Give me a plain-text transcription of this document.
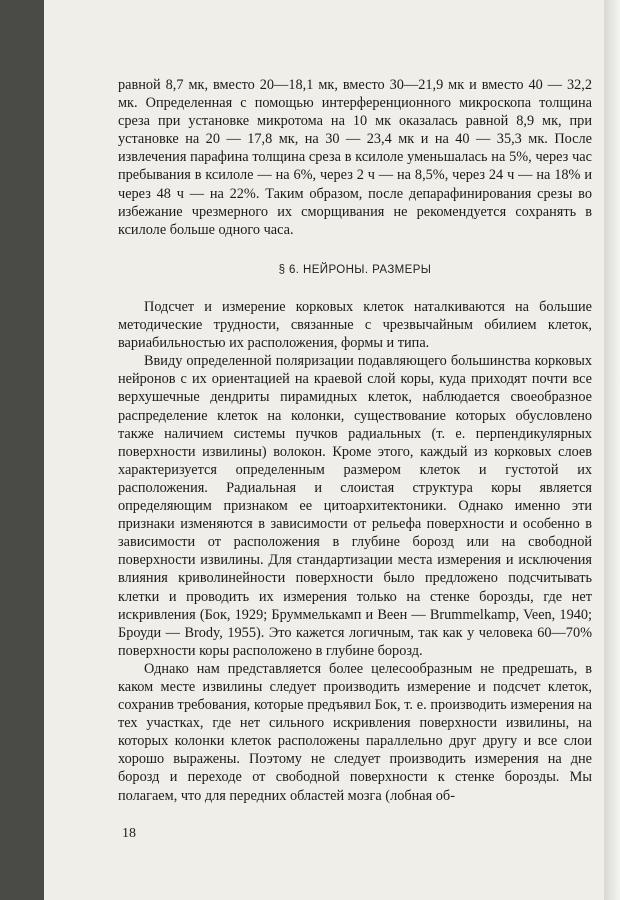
равной 8,7 мк, вместо 20—18,1 мк, вместо 30—21,9 мк и вместо 40 — 32,2 мк. Определенная с помощью интерференционного микроскопа толщина среза при установке микротома на 10 мк оказалась равной 8,9 мк, при установке на 20 — 17,8 мк, на 30 — 23,4 мк и на 40 — 35,3 мк. После извлечения парафина толщина среза в ксилоле уменьшалась на 5%, через час пребывания в ксилоле — на 6%, через 2 ч — на 8,5%, через 24 ч — на 18% и через 48 ч — на 22%. Таким образом, после депарафинирования срезы во избежание чрезмерного их сморщивания не рекомендуется сохранять в ксилоле больше одного часа.

§ 6. НЕЙРОНЫ. РАЗМЕРЫ

Подсчет и измерение корковых клеток наталкиваются на большие методические трудности, связанные с чрезвычайным обилием клеток, вариабильностью их расположения, формы и типа.

Ввиду определенной поляризации подавляющего большинства корковых нейронов с их ориентацией на краевой слой коры, куда приходят почти все верхушечные дендриты пирамидных клеток, наблюдается своеобразное распределение клеток на колонки, существование которых обусловлено также наличием системы пучков радиальных (т. е. перпендикулярных поверхности извилины) волокон. Кроме этого, каждый из корковых слоев характеризуется определенным размером клеток и густотой их расположения. Радиальная и слоистая структура коры является определяющим признаком ее цитоархитектоники. Однако именно эти признаки изменяются в зависимости от рельефа поверхности и особенно в зависимости от расположения в глубине борозд или на свободной поверхности извилины. Для стандартизации места измерения и исключения влияния криволинейности поверхности было предложено подсчитывать клетки и проводить их измерения только на стенке борозды, где нет искривления (Бок, 1929; Бруммелькамп и Веен — Brummelkamp, Veen, 1940; Броуди — Brody, 1955). Это кажется логичным, так как у человека 60—70% поверхности коры расположено в глубине борозд.

Однако нам представляется более целесообразным не предрешать, в каком месте извилины следует производить измерение и подсчет клеток, сохранив требования, которые предъявил Бок, т. е. производить измерения на тех участках, где нет сильного искривления поверхности извилины, на которых колонки клеток расположены параллельно друг другу и все слои хорошо выражены. Поэтому не следует производить измерения на дне борозд и переходе от свободной поверхности к стенке борозды. Мы полагаем, что для передних областей мозга (лобная об-

18
